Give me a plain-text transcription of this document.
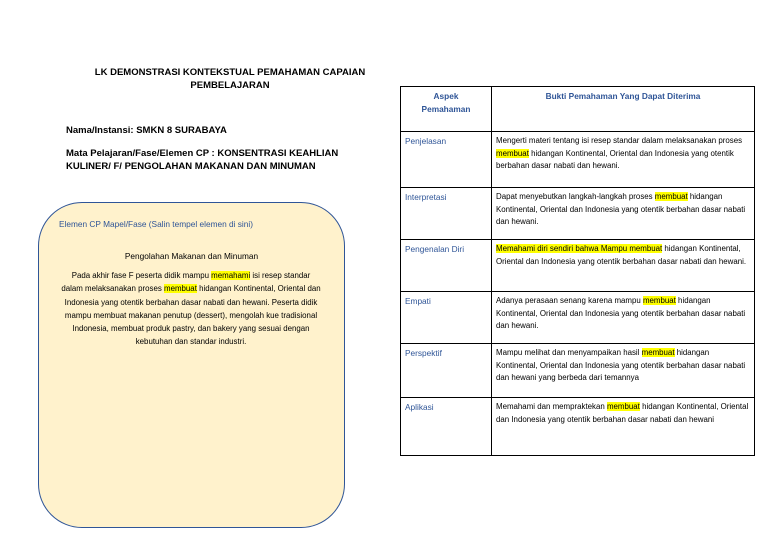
LK DEMONSTRASI KONTEKSTUAL PEMAHAMAN CAPAIAN PEMBELAJARAN
Nama/Instansi: SMKN 8 SURABAYA
Mata Pelajaran/Fase/Elemen CP : KONSENTRASI KEAHLIAN KULINER/ F/ PENGOLAHAN MAKANAN DAN MINUMAN
Elemen CP Mapel/Fase (Salin tempel elemen di sini)
Pengolahan Makanan dan Minuman
Pada akhir fase F peserta didik mampu memahami isi resep standar dalam melaksanakan proses membuat hidangan Kontinental, Oriental dan Indonesia yang otentik berbahan dasar nabati dan hewani. Peserta didik mampu membuat makanan penutup (dessert), mengolah kue tradisional Indonesia, membuat produk pastry, dan bakery yang sesuai dengan kebutuhan dan standar industri.
Aspek
Pemahaman	Bukti Pemahaman Yang Dapat Diterima
Penjelasan	Mengerti materi tentang isi resep standar dalam melaksanakan proses membuat hidangan Kontinental, Oriental dan Indonesia yang otentik berbahan dasar nabati dan hewani.
Interpretasi	Dapat menyebutkan langkah-langkah proses membuat hidangan Kontinental, Oriental dan Indonesia yang otentik berbahan dasar nabati dan hewani.
Pengenalan Diri	Memahami diri sendiri bahwa Mampu membuat hidangan Kontinental, Oriental dan Indonesia yang otentik berbahan dasar nabati dan hewani.
Empati	Adanya perasaan senang karena mampu membuat hidangan Kontinental, Oriental dan Indonesia yang otentik berbahan dasar nabati dan hewani.
Perspektif	Mampu melihat dan menyampaikan hasil membuat hidangan Kontinental, Oriental dan Indonesia yang otentik berbahan dasar nabati dan hewani yang berbeda dari temannya
Aplikasi	Memahami dan mempraktekan membuat hidangan Kontinental, Oriental dan Indonesia yang otentik berbahan dasar nabati dan hewani
